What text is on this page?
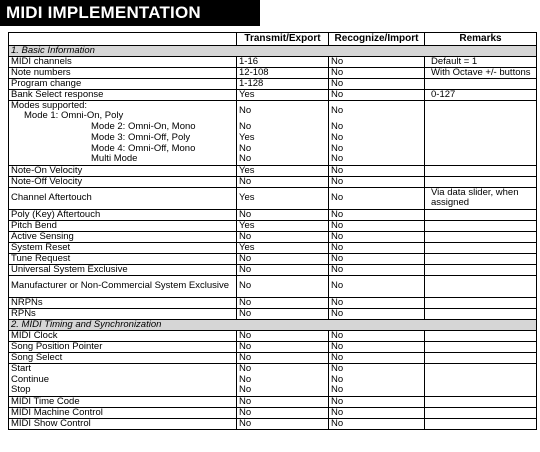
MIDI IMPLEMENTATION CHART
		Transmit/Export	Recognize/Import	Remarks
1. Basic Information			
MIDI channels	1-16	No	Default = 1
Note numbers	12-108	No	With Octave +/- buttons
Program change	1-128	No	
Bank Select response	Yes	No	0-127
Modes supported:
Mode 1: Omni-On, Poly	No	No	
Mode 2: Omni-On, Mono	No	No	
Mode 3: Omni-Off, Poly	Yes	No	
Mode 4: Omni-Off, Mono	No	No	
Multi Mode	No	No	
Note-On Velocity	Yes	No	
Note-Off Velocity	No	No	
Channel Aftertouch	Yes	No	Via data slider, when assigned
Poly (Key) Aftertouch	No	No	
Pitch Bend	Yes	No	
Active Sensing	No	No	
System Reset	Yes	No	
Tune Request	No	No	
Universal System Exclusive	No	No	
Manufacturer or Non-Commercial System Exclusive	No	No	
NRPNs	No	No	
RPNs	No	No	
2. MIDI Timing and Synchronization			
MIDI Clock	No	No	
Song Position Pointer	No	No	
Song Select	No	No	
Start	No	No	
Continue	No	No	
Stop	No	No	
MIDI Time Code	No	No	
MIDI Machine Control	No	No	
MIDI Show Control	No	No	
